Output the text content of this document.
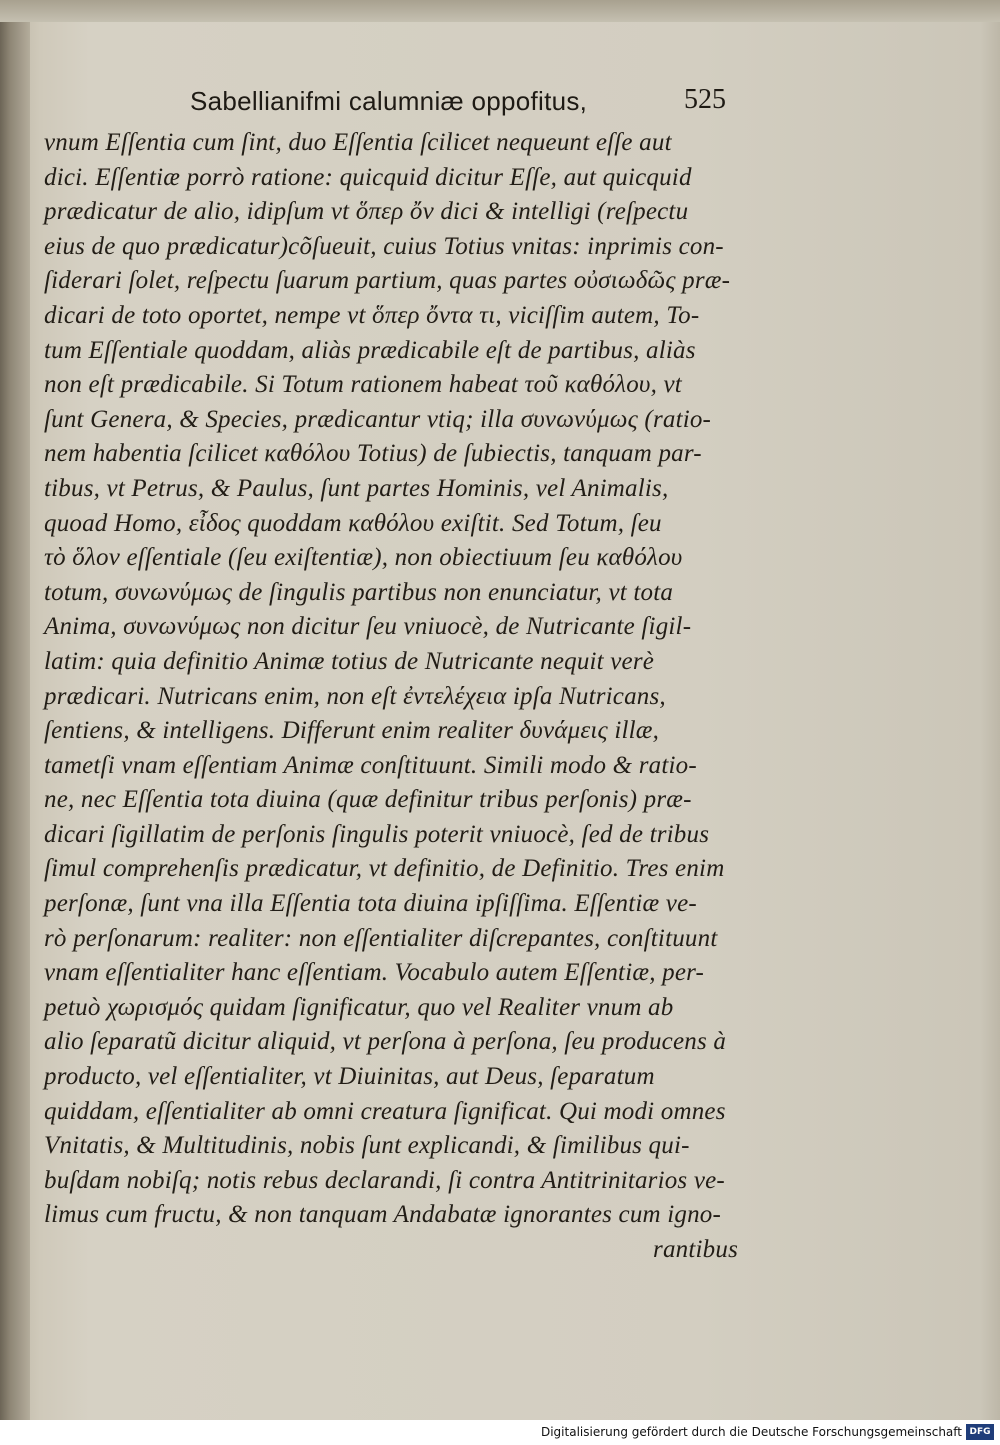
Sabellianifmi calumniæ oppofitus,	525
vnum Eſſentia cum ſint, duo Eſſentia ſcilicet nequeunt eſſe aut
dici. Eſſentiæ porrò ratione: quicquid dicitur Eſſe, aut quicquid
prædicatur de alio, idipſum vt ὅπερ ὄν dici & intelligi (reſpectu
eius de quo prædicatur)cõſueuit, cuius Totius vnitas: inprimis con-
ſiderari ſolet, reſpectu ſuarum partium, quas partes οὐσιωδῶς præ-
dicari de toto oportet, nempe vt ὅπερ ὄντα τι, viciſſim autem, To-
tum Eſſentiale quoddam, aliàs prædicabile eſt de partibus, aliàs
non eſt prædicabile. Si Totum rationem habeat τοῦ καθόλου, vt
ſunt Genera, & Species, prædicantur vtiq; illa συνωνύμως (ratio-
nem habentia ſcilicet καθόλου Totius) de ſubiectis, tanquam par-
tibus, vt Petrus, & Paulus, ſunt partes Hominis, vel Animalis,
quoad Homo, εἶδος quoddam καθόλου exiſtit. Sed Totum, ſeu
τὸ ὅλον eſſentiale (ſeu exiſtentiæ), non obiectiuum ſeu καθόλου
totum, συνωνύμως de ſingulis partibus non enunciatur, vt tota
Anima, συνωνύμως non dicitur ſeu vniuocè, de Nutricante ſigil-
latim: quia definitio Animæ totius de Nutricante nequit verè
prædicari. Nutricans enim, non eſt ἐντελέχεια ipſa Nutricans,
ſentiens, & intelligens. Differunt enim realiter δυνάμεις illæ,
tametſi vnam eſſentiam Animæ conſtituunt. Simili modo & ratio-
ne, nec Eſſentia tota diuina (quæ definitur tribus perſonis) præ-
dicari ſigillatim de perſonis ſingulis poterit vniuocè, ſed de tribus
ſimul comprehenſis prædicatur, vt definitio, de Definitio. Tres enim
perſonæ, ſunt vna illa Eſſentia tota diuina ipſiſſima. Eſſentiæ ve-
rò perſonarum: realiter: non eſſentialiter diſcrepantes, conſtituunt
vnam eſſentialiter hanc eſſentiam. Vocabulo autem Eſſentiæ, per-
petuò χωρισμός quidam ſignificatur, quo vel Realiter vnum ab
alio ſeparatũ dicitur aliquid, vt perſona à perſona, ſeu producens à
producto, vel eſſentialiter, vt Diuinitas, aut Deus, ſeparatum
quiddam, eſſentialiter ab omni creatura ſignificat. Qui modi omnes
Vnitatis, & Multitudinis, nobis ſunt explicandi, & ſimilibus qui-
buſdam nobiſq; notis rebus declarandi, ſi contra Antitrinitarios ve-
limus cum fructu, & non tanquam Andabatæ ignorantes cum igno-
rantibus
Digitalisierung gefördert durch die Deutsche Forschungsgemeinschaft DFG
